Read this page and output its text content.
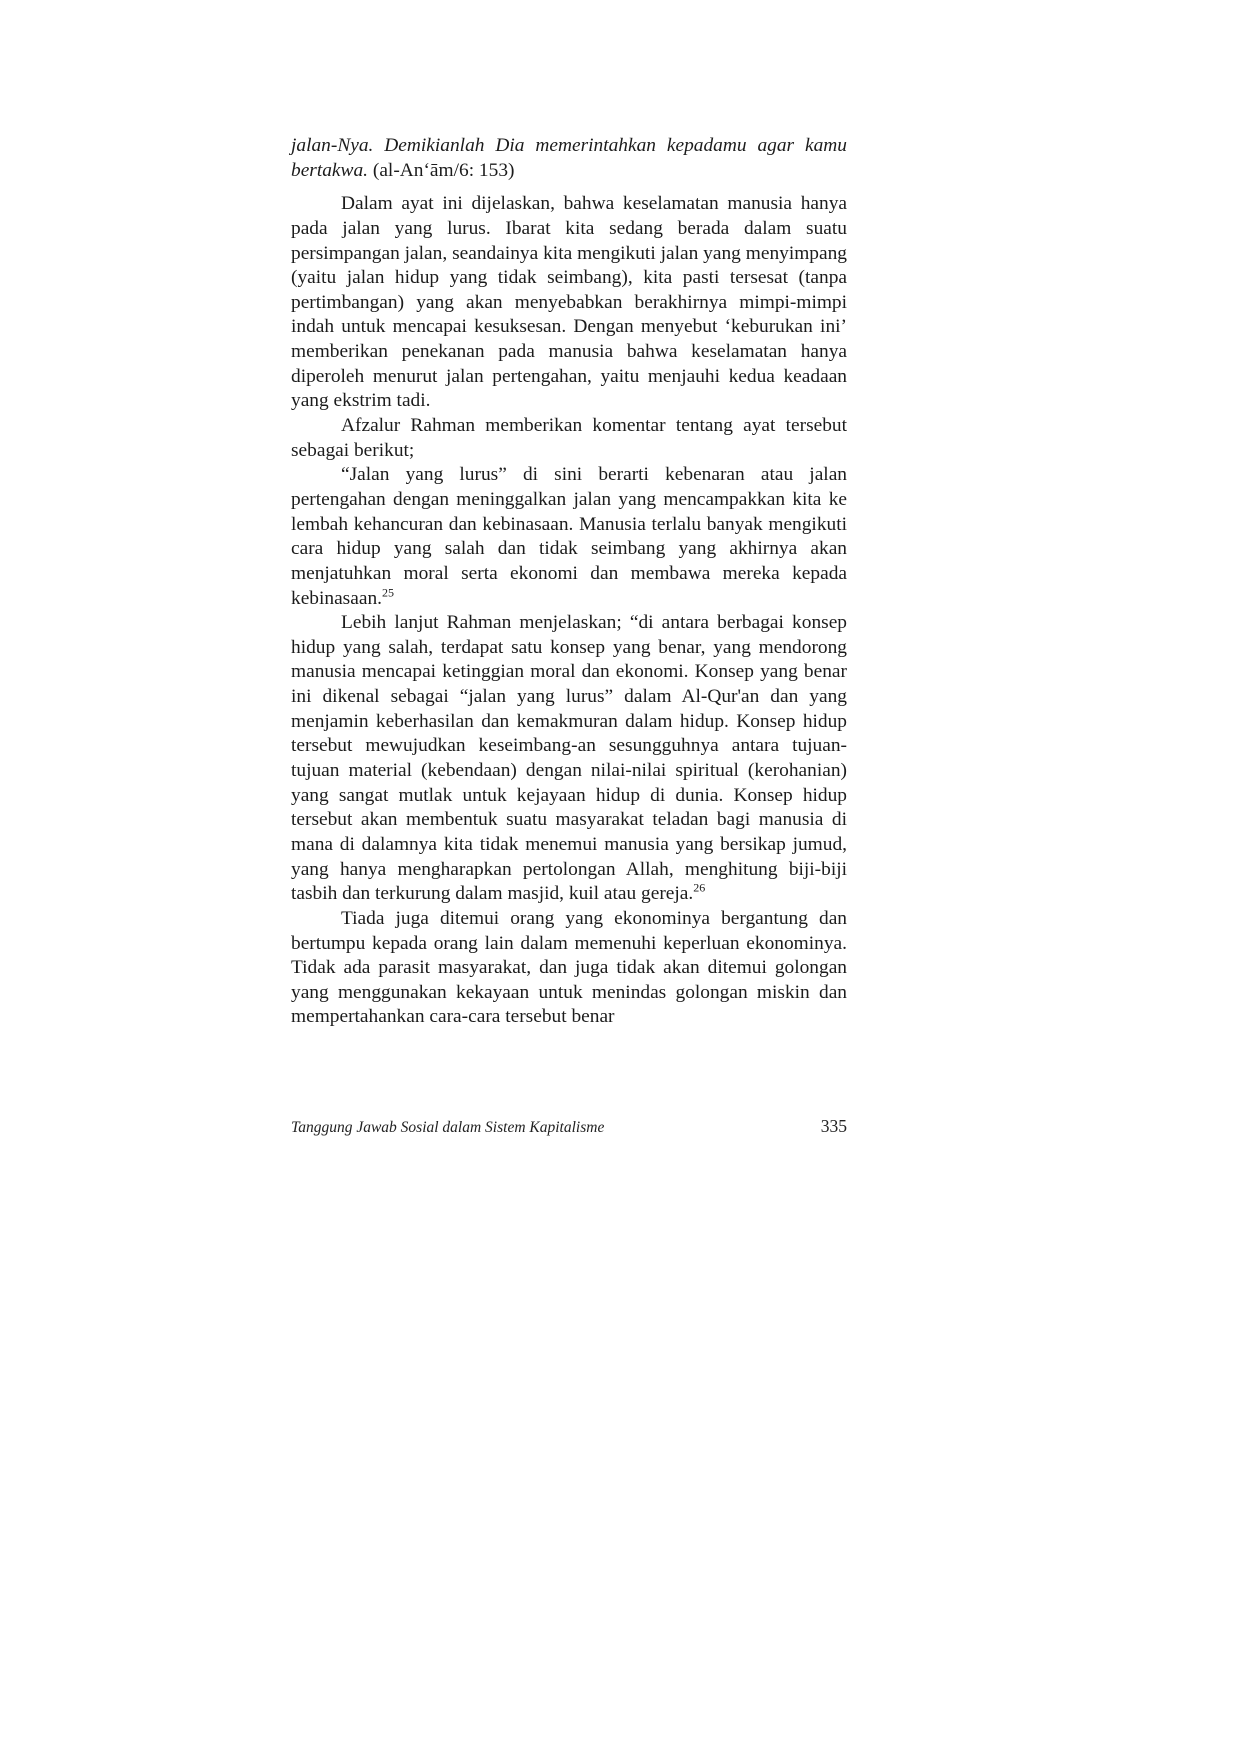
jalan-Nya. Demikianlah Dia memerintahkan kepadamu agar kamu bertakwa. (al-An‘ām/6: 153)

Dalam ayat ini dijelaskan, bahwa keselamatan manusia hanya pada jalan yang lurus. Ibarat kita sedang berada dalam suatu persimpangan jalan, seandainya kita mengikuti jalan yang menyimpang (yaitu jalan hidup yang tidak seimbang), kita pasti tersesat (tanpa pertimbangan) yang akan menyebabkan berakhirnya mimpi-mimpi indah untuk mencapai kesuksesan. Dengan menyebut ‘keburukan ini’ memberikan penekanan pada manusia bahwa keselamatan hanya diperoleh menurut jalan pertengahan, yaitu menjauhi kedua keadaan yang ekstrim tadi.

Afzalur Rahman memberikan komentar tentang ayat tersebut sebagai berikut;

“Jalan yang lurus” di sini berarti kebenaran atau jalan pertengahan dengan meninggalkan jalan yang mencampakkan kita ke lembah kehancuran dan kebinasaan. Manusia terlalu banyak mengikuti cara hidup yang salah dan tidak seimbang yang akhirnya akan menjatuhkan moral serta ekonomi dan membawa mereka kepada kebinasaan.$^{25}$

Lebih lanjut Rahman menjelaskan; “di antara berbagai konsep hidup yang salah, terdapat satu konsep yang benar, yang mendorong manusia mencapai ketinggian moral dan ekonomi. Konsep yang benar ini dikenal sebagai “jalan yang lurus” dalam Al-Qur'an dan yang menjamin keberhasilan dan kemakmuran dalam hidup. Konsep hidup tersebut mewujudkan keseimbang-an sesungguhnya antara tujuan-tujuan material (kebendaan) dengan nilai-nilai spiritual (kerohanian) yang sangat mutlak untuk kejayaan hidup di dunia. Konsep hidup tersebut akan membentuk suatu masyarakat teladan bagi manusia di mana di dalamnya kita tidak menemui manusia yang bersikap jumud, yang hanya mengharapkan pertolongan Allah, menghitung biji-biji tasbih dan terkurung dalam masjid, kuil atau gereja.$^{26}$

Tiada juga ditemui orang yang ekonominya bergantung dan bertumpu kepada orang lain dalam memenuhi keperluan ekonominya. Tidak ada parasit masyarakat, dan juga tidak akan ditemui golongan yang menggunakan kekayaan untuk menindas golongan miskin dan mempertahankan cara-cara tersebut benar

Tanggung Jawab Sosial dalam Sistem Kapitalisme	335
